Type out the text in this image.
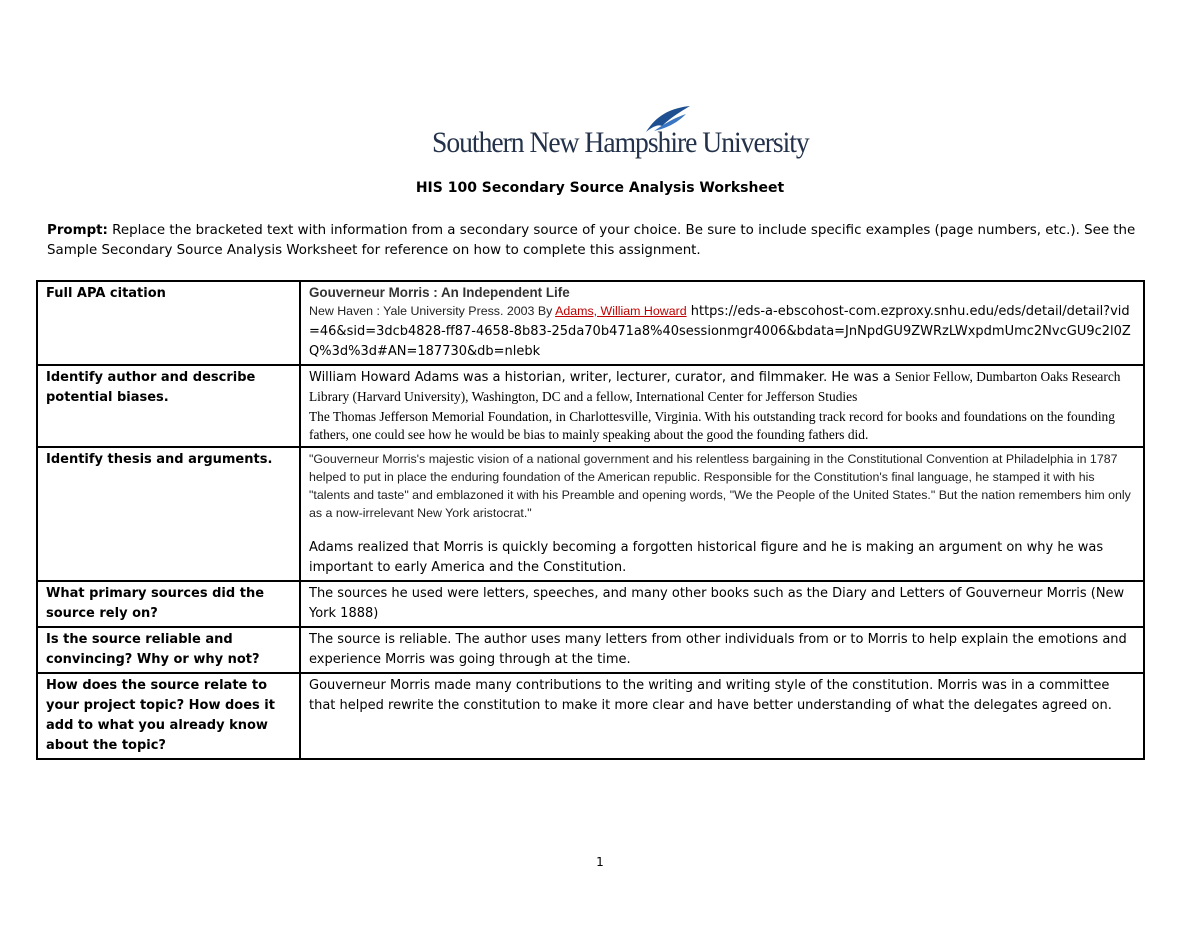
Southern New Hampshire University
HIS 100 Secondary Source Analysis Worksheet
Prompt: Replace the bracketed text with information from a secondary source of your choice. Be sure to include specific examples (page numbers, etc.). See the Sample Secondary Source Analysis Worksheet for reference on how to complete this assignment.
Full APA citation	Gouverneur Morris : An Independent Life
New Haven : Yale University Press. 2003 By Adams, William Howard https://eds-a-ebscohost-com.ezproxy.snhu.edu/eds/detail/detail?vid=46&sid=3dcb4828-ff87-4658-8b83-25da70b471a8%40sessionmgr4006&bdata=JnNpdGU9ZWRzLWxpdmUmc2NvcGU9c2l0ZQ%3d%3d#AN=187730&db=nlebk

Identify author and describe potential biases.	William Howard Adams was a historian, writer, lecturer, curator, and filmmaker. He was a Senior Fellow, Dumbarton Oaks Research Library (Harvard University), Washington, DC and a fellow, International Center for Jefferson Studies
The Thomas Jefferson Memorial Foundation, in Charlottesville, Virginia. With his outstanding track record for books and foundations on the founding fathers, one could see how he would be bias to mainly speaking about the good the founding fathers did.

Identify thesis and arguments.	"Gouverneur Morris's majestic vision of a national government and his relentless bargaining in the Constitutional Convention at Philadelphia in 1787 helped to put in place the enduring foundation of the American republic. Responsible for the Constitution's final language, he stamped it with his "talents and taste" and emblazoned it with his Preamble and opening words, "We the People of the United States." But the nation remembers him only as a now-irrelevant New York aristocrat."
Adams realized that Morris is quickly becoming a forgotten historical figure and he is making an argument on why he was important to early America and the Constitution.

What primary sources did the source rely on?	The sources he used were letters, speeches, and many other books such as the Diary and Letters of Gouverneur Morris (New York 1888)
Is the source reliable and convincing? Why or why not?	The source is reliable. The author uses many letters from other individuals from or to Morris to help explain the emotions and experience Morris was going through at the time.
How does the source relate to your project topic? How does it add to what you already know about the topic?	Gouverneur Morris made many contributions to the writing and writing style of the constitution. Morris was in a committee that helped rewrite the constitution to make it more clear and have better understanding of what the delegates agreed on.
1
